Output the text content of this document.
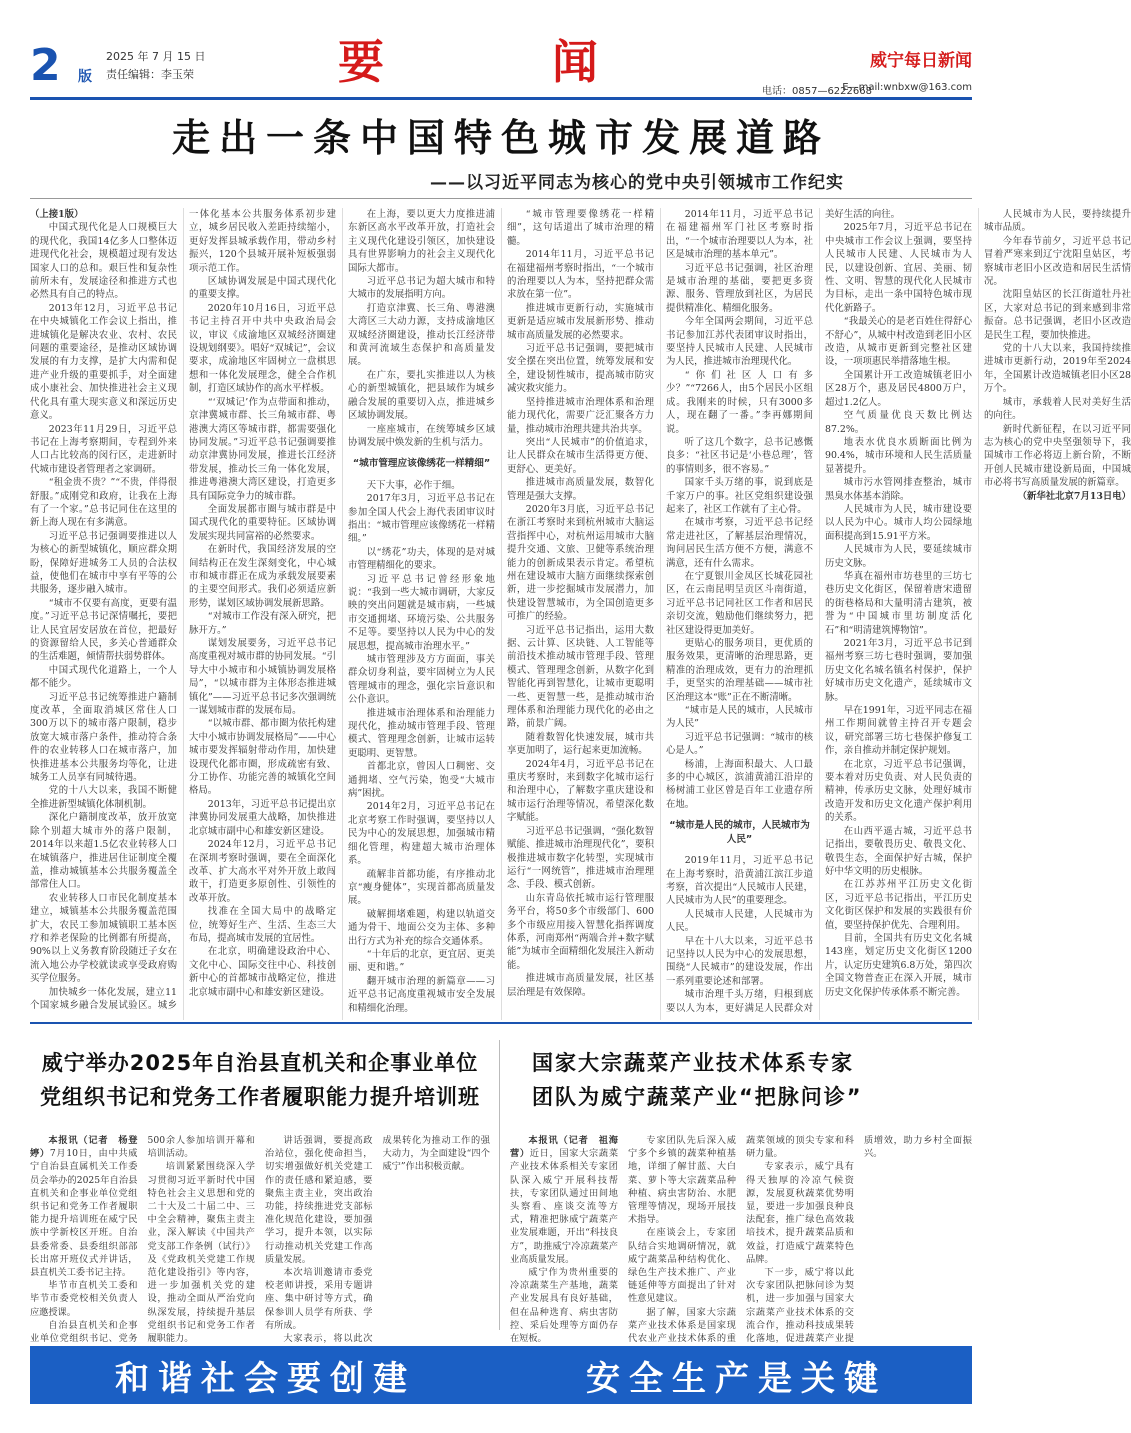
2 版
2025 年 7 月 15 日
责任编辑：李玉荣	要闻	威宁每日新闻
电话：0857—6222668
E—mail:wnbxw@163.com
走出一条中国特色城市发展道路
——以习近平同志为核心的党中央引领城市工作纪实

（上接1版）

中国式现代化是人口规模巨大的现代化，我国14亿多人口整体迈进现代化社会，规模超过现有发达国家人口的总和。艰巨性和复杂性前所未有，发展途径和推进方式也必然具有自己的特点。

2013年12月，习近平总书记在中央城镇化工作会议上指出，推进城镇化是解决农业、农村、农民问题的重要途径，是推动区域协调发展的有力支撑，是扩大内需和促进产业升级的重要抓手，对全面建成小康社会、加快推进社会主义现代化具有重大现实意义和深远历史意义。

2023年11月29日，习近平总书记在上海考察期间，专程到外来人口占比较高的闵行区，走进新时代城市建设者管理者之家调研。

“租金贵不贵？”“不贵，伴得很舒服。”成刚党和政府，让我在上海有了一个家。”总书记同住在这里的新上海人现在有多满意。

习近平总书记强调要推进以人为核心的新型城镇化，顺应群众期盼，保障好进城务工人员的合法权益，使他们在城市中享有平等的公共服务，逐步融入城市。

“城市不仅要有高度，更要有温度。”习近平总书记深情嘱托，要把让人民宜居安居放在首位，把最好的资源留给人民，多关心普通群众的生活难题，倾情帮扶弱势群体。

中国式现代化道路上，一个人都不能少。

习近平总书记统筹推进户籍制度改革，全面取消城区常住人口300万以下的城市落户限制，稳步放宽大城市落户条件，推动符合条件的农业转移人口在城市落户，加快推进基本公共服务均等化，让进城务工人员享有同城待遇。

党的十八大以来，我国不断健全推进新型城镇化体制机制。

深化户籍制度改革，放开放宽除个别超大城市外的落户限制，2014年以来超1.5亿农业转移人口在城镇落户，推进居住证制度全覆盖，推动城镇基本公共服务覆盖全部常住人口。

农业转移人口市民化制度基本建立，城镇基本公共服务覆盖范围扩大，农民工参加城镇职工基本医疗和养老保险的比例都有所提高，90%以上义务教育阶段随迁子女在流入地公办学校就读或享受政府购买学位服务。

加快城乡一体化发展，建立11个国家城乡融合发展试验区。城乡一体化基本公共服务体系初步建立，城乡居民收入差距持续缩小，更好发挥县城承载作用，带动乡村振兴，120个县城开展补短板强弱项示范工作。

区域协调发展是中国式现代化的重要支撑。

2020年10月16日，习近平总书记主持召开中共中央政治局会议，审议《成渝地区双城经济圈建设规划纲要》。唱好“双城记”，会议要求，成渝地区牢固树立一盘棋思想和一体化发展理念，健全合作机制，打造区域协作的高水平样板。

“‘双城记’作为点带面和推动，京津冀城市群、长三角城市群、粤港澳大湾区等城市群，都需要强化协同发展。”习近平总书记强调要推动京津冀协同发展，推进长江经济带发展，推动长三角一体化发展，推进粤港澳大湾区建设，打造更多具有国际竞争力的城市群。

全面发展都市圈与城市群是中国式现代化的重要特征。区域协调发展实现共同富裕的必然要求。

在新时代，我国经济发展的空间结构正在发生深刻变化，中心城市和城市群正在成为承载发展要素的主要空间形式。我们必须适应新形势，谋划区域协调发展新思路。

“对城市工作没有深入研究，把脉开方。”

谋划发展要务，习近平总书记高度重视对城市群的协同发展。“引导大中小城市和小城镇协调发展格局”，“以城市群为主体形态推进城镇化”——习近平总书记多次强调统一谋划城市群的发展布局。

“以城市群、都市圈为依托构建大中小城市协调发展格局”——中心城市要发挥辐射带动作用，加快建设现代化都市圈，形成疏密有致、分工协作、功能完善的城镇化空间格局。

2013年，习近平总书记提出京津冀协同发展重大战略，加快推进北京城市副中心和雄安新区建设。

2024年12月，习近平总书记在深圳考察时强调，要在全面深化改革、扩大高水平对外开放上敢闯敢干，打造更多原创性、引领性的改革开放。

找准在全国大局中的战略定位，统筹好生产、生活、生态三大布局，提高城市发展的宜居性。

在北京，明确建设政治中心、文化中心、国际交往中心、科技创新中心的首都城市战略定位，推进北京城市副中心和雄安新区建设。

在上海，要以更大力度推进浦东新区高水平改革开放，打造社会主义现代化建设引领区，加快建设具有世界影响力的社会主义现代化国际大都市。

习近平总书记为超大城市和特大城市的发展指明方向。

打造京津冀、长三角、粤港澳大湾区三大动力源，支持成渝地区双城经济圈建设，推动长江经济带和黄河流域生态保护和高质量发展。

在广东，要扎实推进以人为核心的新型城镇化，把县域作为城乡融合发展的重要切入点，推进城乡区域协调发展。

一座座城市，在统筹城乡区域协调发展中焕发新的生机与活力。

“城市管理应该像绣花一样精细”

天下大事，必作于细。

2017年3月，习近平总书记在参加全国人代会上海代表团审议时指出：“城市管理应该像绣花一样精细。”

以“绣花”功夫，体现的是对城市管理精细化的要求。

习近平总书记曾经形象地说：“我到一些大城市调研，大家反映的突出问题就是城市病，一些城市交通拥堵、环境污染、公共服务不足等。要坚持以人民为中心的发展思想，提高城市治理水平。”

城市管理涉及方方面面，事关群众切身利益，要牢固树立为人民管理城市的理念，强化宗旨意识和公仆意识。

推进城市治理体系和治理能力现代化，推动城市管理手段、管理模式、管理理念创新，让城市运转更聪明、更智慧。

首都北京，曾因人口稠密、交通拥堵、空气污染，饱受“大城市病”困扰。

2014年2月，习近平总书记在北京考察工作时强调，要坚持以人民为中心的发展思想，加强城市精细化管理，构建超大城市治理体系。

疏解非首都功能，有序推动北京“瘦身健体”，实现首都高质量发展。

破解拥堵难题，构建以轨道交通为骨干、地面公交为主体、多种出行方式为补充的综合交通体系。

“十年后的北京，更宜居、更美丽、更和谐。”

翻开城市治理的新篇章——习近平总书记高度重视城市安全发展和精细化治理。

“城市管理要像绣花一样精细”，这句话道出了城市治理的精髓。

2014年11月，习近平总书记在福建福州考察时指出，“一个城市的治理要以人为本，坚持把群众需求放在第一位”。

推进城市更新行动，实施城市更新是适应城市发展新形势、推动城市高质量发展的必然要求。

习近平总书记强调，要把城市安全摆在突出位置，统筹发展和安全，建设韧性城市，提高城市防灾减灾救灾能力。

坚持推进城市治理体系和治理能力现代化，需要广泛汇聚各方力量，推动城市治理共建共治共享。

突出“人民城市”的价值追求，让人民群众在城市生活得更方便、更舒心、更美好。

推进城市高质量发展，数智化管理是强大支撑。

2020年3月底，习近平总书记在浙江考察时来到杭州城市大脑运营指挥中心，对杭州运用城市大脑提升交通、文旅、卫健等系统治理能力的创新成果表示肯定。希望杭州在建设城市大脑方面继续探索创新，进一步挖掘城市发展潜力，加快建设智慧城市，为全国创造更多可推广的经验。

习近平总书记指出，运用大数据、云计算、区块链、人工智能等前沿技术推动城市管理手段、管理模式、管理理念创新，从数字化到智能化再到智慧化，让城市更聪明一些、更智慧一些，是推动城市治理体系和治理能力现代化的必由之路，前景广阔。

随着数智化快速发展，城市共享更加明了，运行起来更加流畅。

2024年4月，习近平总书记在重庆考察时，来到数字化城市运行和治理中心，了解数字重庆建设和城市运行治理等情况，希望深化数字赋能。

习近平总书记强调，“强化数智赋能、推进城市治理现代化”，要积极推进城市数字化转型，实现城市运行“一网统管”，推进城市治理理念、手段、模式创新。

山东青岛依托城市运行管理服务平台，将50多个市级部门、600多个市级应用接入智慧化指挥调度体系，河南郑州“两端合并+数字赋能”为城市全面精细化发展注入新动能。

推进城市高质量发展，社区基层治理是有效保障。

2014年11月，习近平总书记在福建福州军门社区考察时指出，“一个城市治理要以人为本，社区是城市治理的基本单元”。

习近平总书记强调，社区治理是城市治理的基础，要把更多资源、服务、管理放到社区，为居民提供精准化、精细化服务。

今年全国两会期间，习近平总书记参加江苏代表团审议时指出，要坚持人民城市人民建、人民城市为人民，推进城市治理现代化。

“你们社区人口有多少？”“7266人，由5个居民小区组成。我刚来的时候，只有3000多人，现在翻了一番。”李再娜期间说。

听了这几个数字，总书记感慨良多：“社区书记是‘小巷总理’，管的事情则多，很不容易。”

国家千头万绪的事，说到底是千家万户的事。社区党组织建设强起来了，社区工作就有了主心骨。

在城市考察，习近平总书记经常走进社区，了解基层治理情况，询问居民生活方便不方便，满意不满意，还有什么需求。

在宁夏银川金凤区长城花园社区，在云南昆明呈贡区斗南街道，习近平总书记同社区工作者和居民亲切交流，勉励他们继续努力，把社区建设得更加美好。

更贴心的服务项目，更优质的服务效果，更清晰的治理思路，更精准的治理成效，更有力的治理抓手，更坚实的治理基础——城市社区治理这本“账”正在不断清晰。

“城市是人民的城市，人民城市为人民”

习近平总书记强调：“城市的核心是人。”

杨浦，上海面积最大、人口最多的中心城区，滨浦黄浦江沿岸的杨树浦工业区曾是百年工业遗存所在地。

“城市是人民的城市，人民城市为人民”

2019年11月，习近平总书记在上海考察时，沿黄浦江滨江步道考察，首次提出“人民城市人民建，人民城市为人民”的重要理念。

人民城市人民建，人民城市为人民。

早在十八大以来，习近平总书记坚持以人民为中心的发展思想，围绕“人民城市”的建设发展，作出一系列重要论述和部署。

城市治理千头万绪，归根到底要以人为本，更好满足人民群众对美好生活的向往。

2025年7月，习近平总书记在中央城市工作会议上强调，要坚持人民城市人民建、人民城市为人民，以建设创新、宜居、美丽、韧性、文明、智慧的现代化人民城市为目标，走出一条中国特色城市现代化新路子。

“我最关心的是老百姓住得舒心不舒心”，从城中村改造到老旧小区改造，从城市更新到完整社区建设，一项项惠民举措落地生根。

全国累计开工改造城镇老旧小区28万个，惠及居民4800万户，超过1.2亿人。

空气质量优良天数比例达87.2%。

地表水优良水质断面比例为90.4%，城市环境和人民生活质量显著提升。

城市污水管网排查整治，城市黑臭水体基本消除。

人民城市为人民，城市建设要以人民为中心。城市人均公园绿地面积提高到15.91平方米。

人民城市为人民，要延续城市历史文脉。

华真在福州市坊巷里的三坊七巷历史文化街区，保留着唐宋遗留的街巷格局和大量明清古建筑，被誉为“中国城市里坊制度活化石”和“明清建筑博物馆”。

2021年3月，习近平总书记到福州考察三坊七巷时强调，要加强历史文化名城名镇名村保护，保护好城市历史文化遗产，延续城市文脉。

早在1991年，习近平同志在福州工作期间就曾主持召开专题会议，研究部署三坊七巷保护修复工作，亲自推动并制定保护规划。

在北京，习近平总书记强调，要本着对历史负责、对人民负责的精神，传承历史文脉，处理好城市改造开发和历史文化遗产保护利用的关系。

在山西平遥古城，习近平总书记指出，要敬畏历史、敬畏文化、敬畏生态，全面保护好古城，保护好中华文明的历史根脉。

在江苏苏州平江历史文化街区，习近平总书记指出，平江历史文化街区保护和发展的实践很有价值，要坚持保护优先、合理利用。

目前，全国共有历史文化名城143座，划定历史文化街区1200片，认定历史建筑6.8万处，第四次全国文物普查正在深入开展，城市历史文化保护传承体系不断完善。

人民城市为人民，要持续提升城市品质。

今年春节前夕，习近平总书记冒着严寒来到辽宁沈阳皇姑区，考察城市老旧小区改造和居民生活情况。

沈阳皇姑区的长江街道牡丹社区，大家对总书记的到来感到非常振奋。总书记强调，老旧小区改造是民生工程，要加快推进。

党的十八大以来，我国持续推进城市更新行动，2019年至2024年，全国累计改造城镇老旧小区28万个。

城市，承载着人民对美好生活的向往。

新时代新征程，在以习近平同志为核心的党中央坚强领导下，我国城市工作必将迈上新台阶，不断开创人民城市建设新局面，中国城市必将书写高质量发展的新篇章。

（新华社北京7月13日电）

威宁举办2025年自治县直机关和企事业单位
党组织书记和党务工作者履职能力提升培训班

本报讯（记者　杨登婷）7月10日，由中共威宁自治县直属机关工作委员会举办的2025年自治县直机关和企事业单位党组织书记和党务工作者履职能力提升培训班在威宁民族中学新校区开班。自治县委常委、县委组织部部长出席开班仪式并讲话，县直机关工委书记主持。

毕节市直机关工委和毕节市委党校相关负责人应邀授课。

自治县直机关和企事业单位党组织书记、党务 500余人参加培训开幕和培训活动。

培训紧紧围绕深入学习贯彻习近平新时代中国特色社会主义思想和党的二十大及二十届二中、三中全会精神，聚焦主责主业，深入解读《中国共产党支部工作条例（试行）》及《党政机关党建工作规范化建设指引》等内容，进一步加强机关党的建设，推动全面从严治党向纵深发展，持续提升基层党组织书记和党务工作者履职能力。

讲话强调，要提高政治站位，强化使命担当，切实增强做好机关党建工作的责任感和紧迫感，要聚焦主责主业，突出政治功能，持续推进党支部标准化规范化建设，要加强学习，提升本领，以实际行动推动机关党建工作高质量发展。

本次培训邀请市委党校老师讲授，采用专题讲座、集中研讨等方式，确保参训人员学有所获、学有所成。

大家表示，将以此次 成果转化为推动工作的强大动力，为全面建设“四个威宁”作出积极贡献。

国家大宗蔬菜产业技术体系专家
团队为威宁蔬菜产业“把脉问诊”

本报讯（记者　祖海营）近日，国家大宗蔬菜产业技术体系相关专家团队深入威宁开展科技帮扶，专家团队通过田间地头察看、座谈交流等方式，精准把脉威宁蔬菜产业发展难题，开出“科技良方”，助推威宁冷凉蔬菜产业高质量发展。

威宁作为贵州重要的冷凉蔬菜生产基地，蔬菜产业发展具有良好基础，但在品种选育、病虫害防控、采后处理等方面仍存在短板。

专家团队先后深入威宁多个乡镇的蔬菜种植基地，详细了解甘蓝、大白菜、萝卜等大宗蔬菜品种种植、病虫害防治、水肥管理等情况，现场开展技术指导。

在座谈会上，专家团队结合实地调研情况，就威宁蔬菜品种结构优化、绿色生产技术推广、产业链延伸等方面提出了针对性意见建议。

据了解，国家大宗蔬菜产业技术体系是国家现代农业产业技术体系的重 蔬菜领域的顶尖专家和科研力量。

专家表示，威宁具有得天独厚的冷凉气候资源，发展夏秋蔬菜优势明显，要进一步加强良种良法配套，推广绿色高效栽培技术，提升蔬菜品质和效益，打造威宁蔬菜特色品牌。

下一步，威宁将以此次专家团队把脉问诊为契机，进一步加强与国家大宗蔬菜产业技术体系的交流合作，推动科技成果转化落地，促进蔬菜产业提质增效，助力乡村全面振兴。

和谐社会要创建	安全生产是关键
